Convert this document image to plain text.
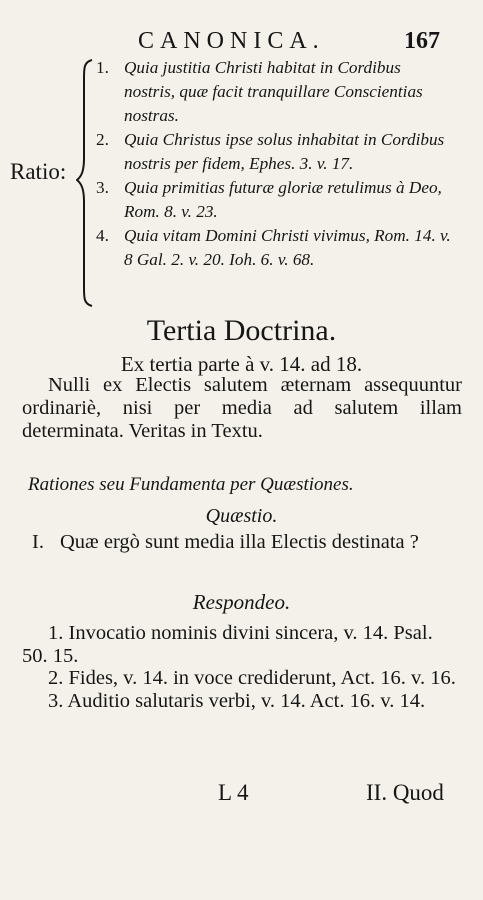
CANONICA.	167
Ratio:
1. Quia justitia Christi habitat in Cordibus nostris, quæ facit tranquillare Conscientias nostras.
2. Quia Christus ipse solus inhabitat in Cordibus nostris per fidem, Ephes. 3. v. 17.
3. Quia primitias futuræ gloriæ retulimus à Deo, Rom. 8. v. 23.
4. Quia vitam Domini Christi vivimus, Rom. 14. v. 8 Gal. 2. v. 20. Ioh. 6. v. 68.
Tertia Doctrina.
Ex tertia parte à v. 14. ad 18.
Nulli ex Electis salutem æternam assequuntur ordinariè, nisi per media ad salutem illam determinata. Veritas in Textu.
Rationes seu Fundamenta per Quæstiones.
Quæstio.
I. Quæ ergò sunt media illa Electis destinata ?
Respondeo.
1. Invocatio nominis divini sincera, v. 14. Psal. 50. 15.
2. Fides, v. 14. in voce crediderunt, Act. 16. v. 16.
3. Auditio salutaris verbi, v. 14. Act. 16. v. 14.
L 4	II. Quod
